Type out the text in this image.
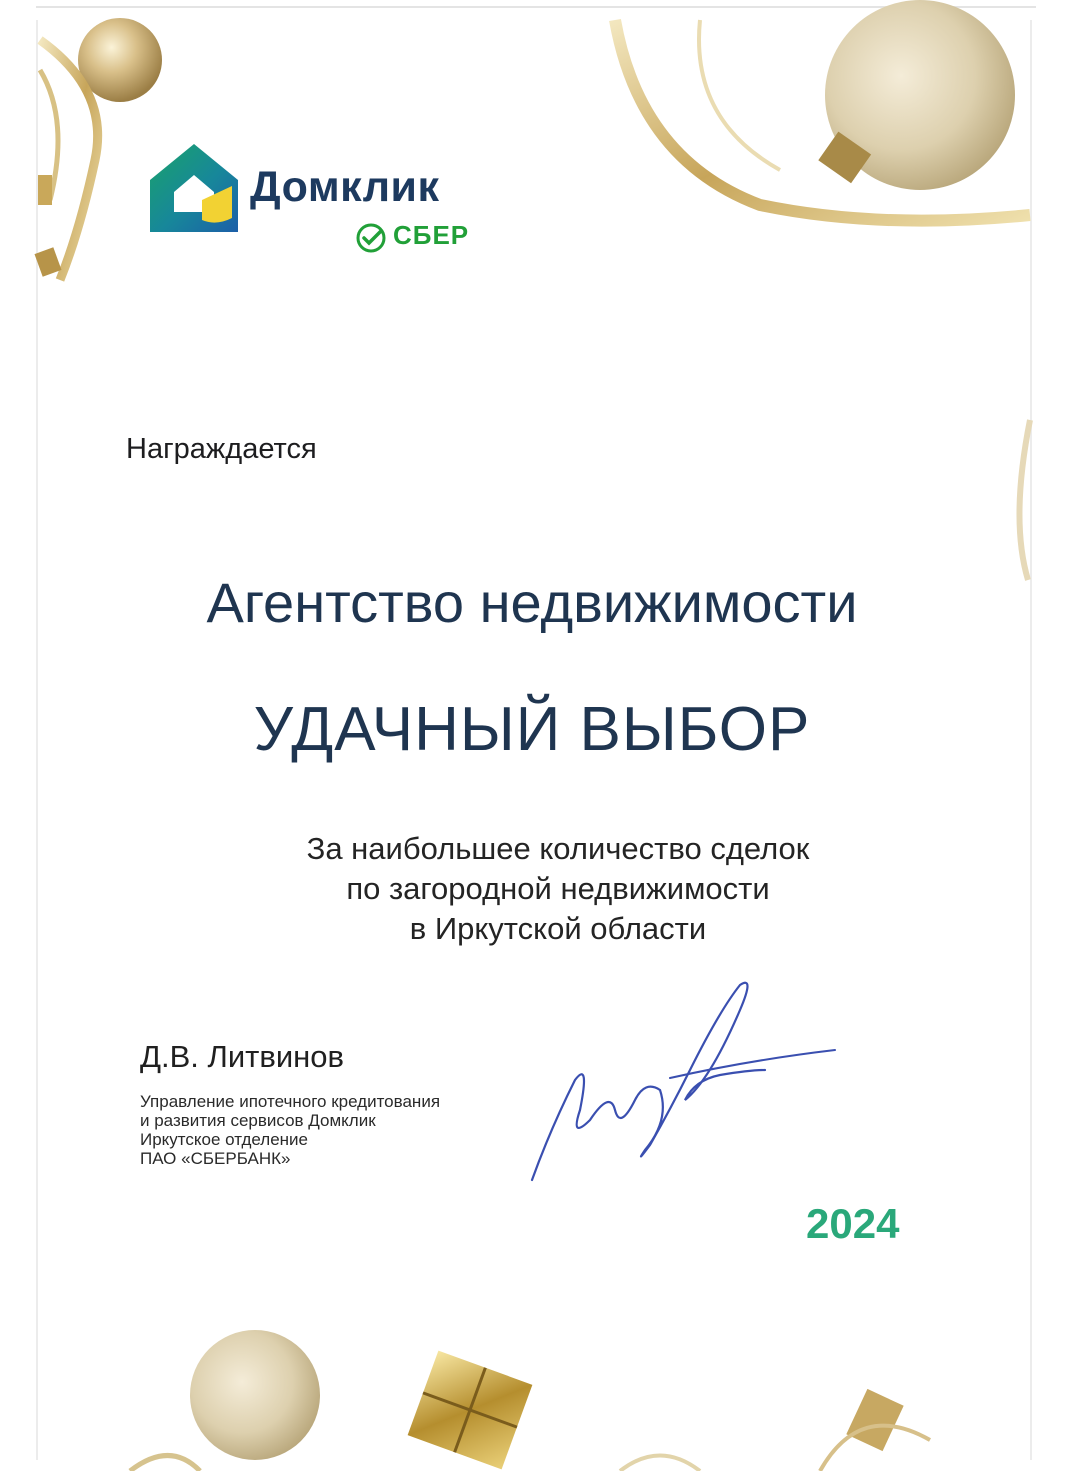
Домклик
СБЕР
Награждается
Агентство недвижимости
УДАЧНЫЙ ВЫБОР
За наибольшее количество сделок
по загородной недвижимости
в Иркутской области
Д.В. Литвинов
Управление ипотечного кредитования
и развития сервисов Домклик
Иркутское отделение
ПАО «СБЕРБАНК»
2024
